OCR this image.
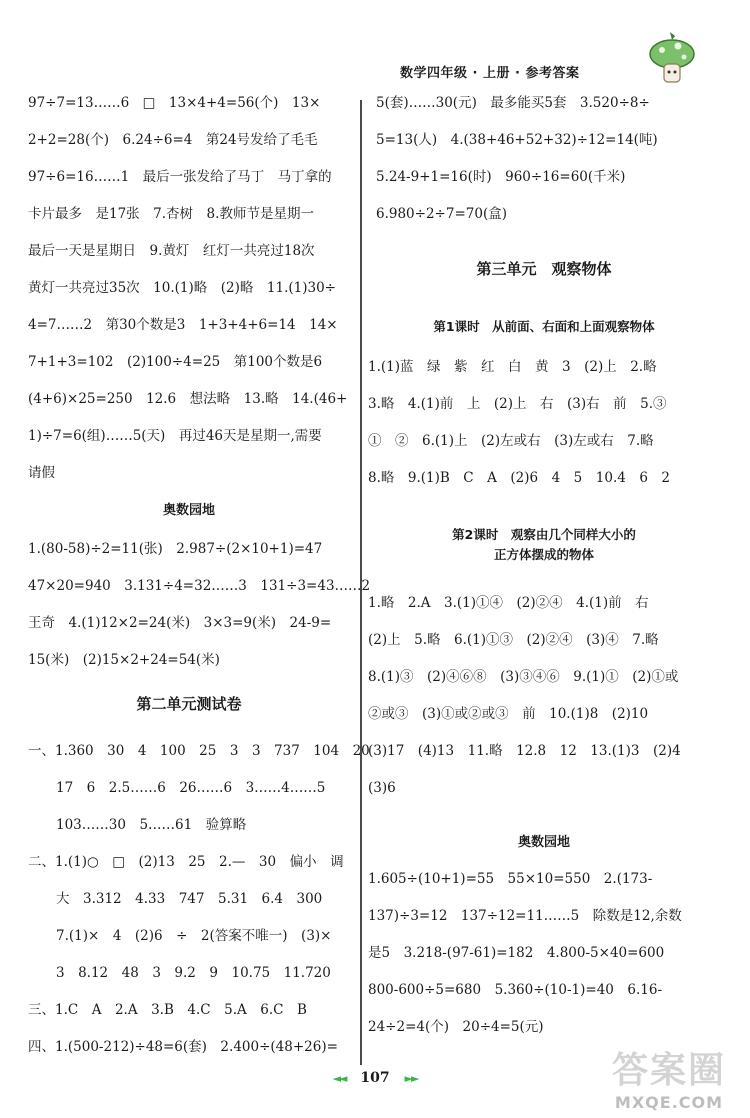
数学四年级 · 上册 · 参考答案
97÷7=13……6　□　13×4+4=56(个)　13×
2+2=28(个)　6.24÷6=4　第24号发给了毛毛
97÷6=16……1　最后一张发给了马丁　马丁拿的
卡片最多　是17张　7.杏树　8.教师节是星期一
最后一天是星期日　9.黄灯　红灯一共亮过18次
黄灯一共亮过35次　10.(1)略　(2)略　11.(1)30÷
4=7……2　第30个数是3　1+3+4+6=14　14×
7+1+3=102　(2)100÷4=25　第100个数是6
(4+6)×25=250　12.6　想法略　13.略　14.(46+
1)÷7=6(组)……5(天)　再过46天是星期一,需要
请假
奥数园地
1.(80-58)÷2=11(张)　2.987÷(2×10+1)=47
47×20=940　3.131÷4=32……3　131÷3=43……2
王奇　4.(1)12×2=24(米)　3×3=9(米)　24-9=
15(米)　(2)15×2+24=54(米)
第二单元测试卷
一、1.360　30　4　100　25　3　3　737　104　20
17　6　2.5……6　26……6　3……4……5
103……30　5……61　验算略
二、1.(1)○　□　(2)13　25　2.—　30　偏小　调
大　3.312　4.33　747　5.31　6.4　300
7.(1)×　4　(2)6　÷　2(答案不唯一)　(3)×
3　8.12　48　3　9.2　9　10.75　11.720
三、1.C　A　2.A　3.B　4.C　5.A　6.C　B
四、1.(500-212)÷48=6(套)　2.400÷(48+26)=
5(套)……30(元)　最多能买5套　3.520÷8÷
5=13(人)　4.(38+46+52+32)÷12=14(吨)
5.24-9+1=16(时)　960÷16=60(千米)
6.980÷2÷7=70(盒)
第三单元　观察物体
第1课时　从前面、右面和上面观察物体
1.(1)蓝　绿　紫　红　白　黄　3　(2)上　2.略
3.略　4.(1)前　上　(2)上　右　(3)右　前　5.③
①　②　6.(1)上　(2)左或右　(3)左或右　7.略
8.略　9.(1)B　C　A　(2)6　4　5　10.4　6　2
第2课时　观察由几个同样大小的
正方体摆成的物体
1.略　2.A　3.(1)①④　(2)②④　4.(1)前　右
(2)上　5.略　6.(1)①③　(2)②④　(3)④　7.略
8.(1)③　(2)④⑥⑧　(3)③④⑥　9.(1)①　(2)①或
②或③　(3)①或②或③　前　10.(1)8　(2)10
(3)17　(4)13　11.略　12.8　12　13.(1)3　(2)4
(3)6
奥数园地
1.605÷(10+1)=55　55×10=550　2.(173-
137)÷3=12　137÷12=11……5　除数是12,余数
是5　3.218-(97-61)=182　4.800-5×40=600
800-600÷5=680　5.360÷(10-1)=40　6.16-
24÷2=4(个)　20÷4=5(元)
◄◄ 107 ►►	答案圈
MXQE.COM
